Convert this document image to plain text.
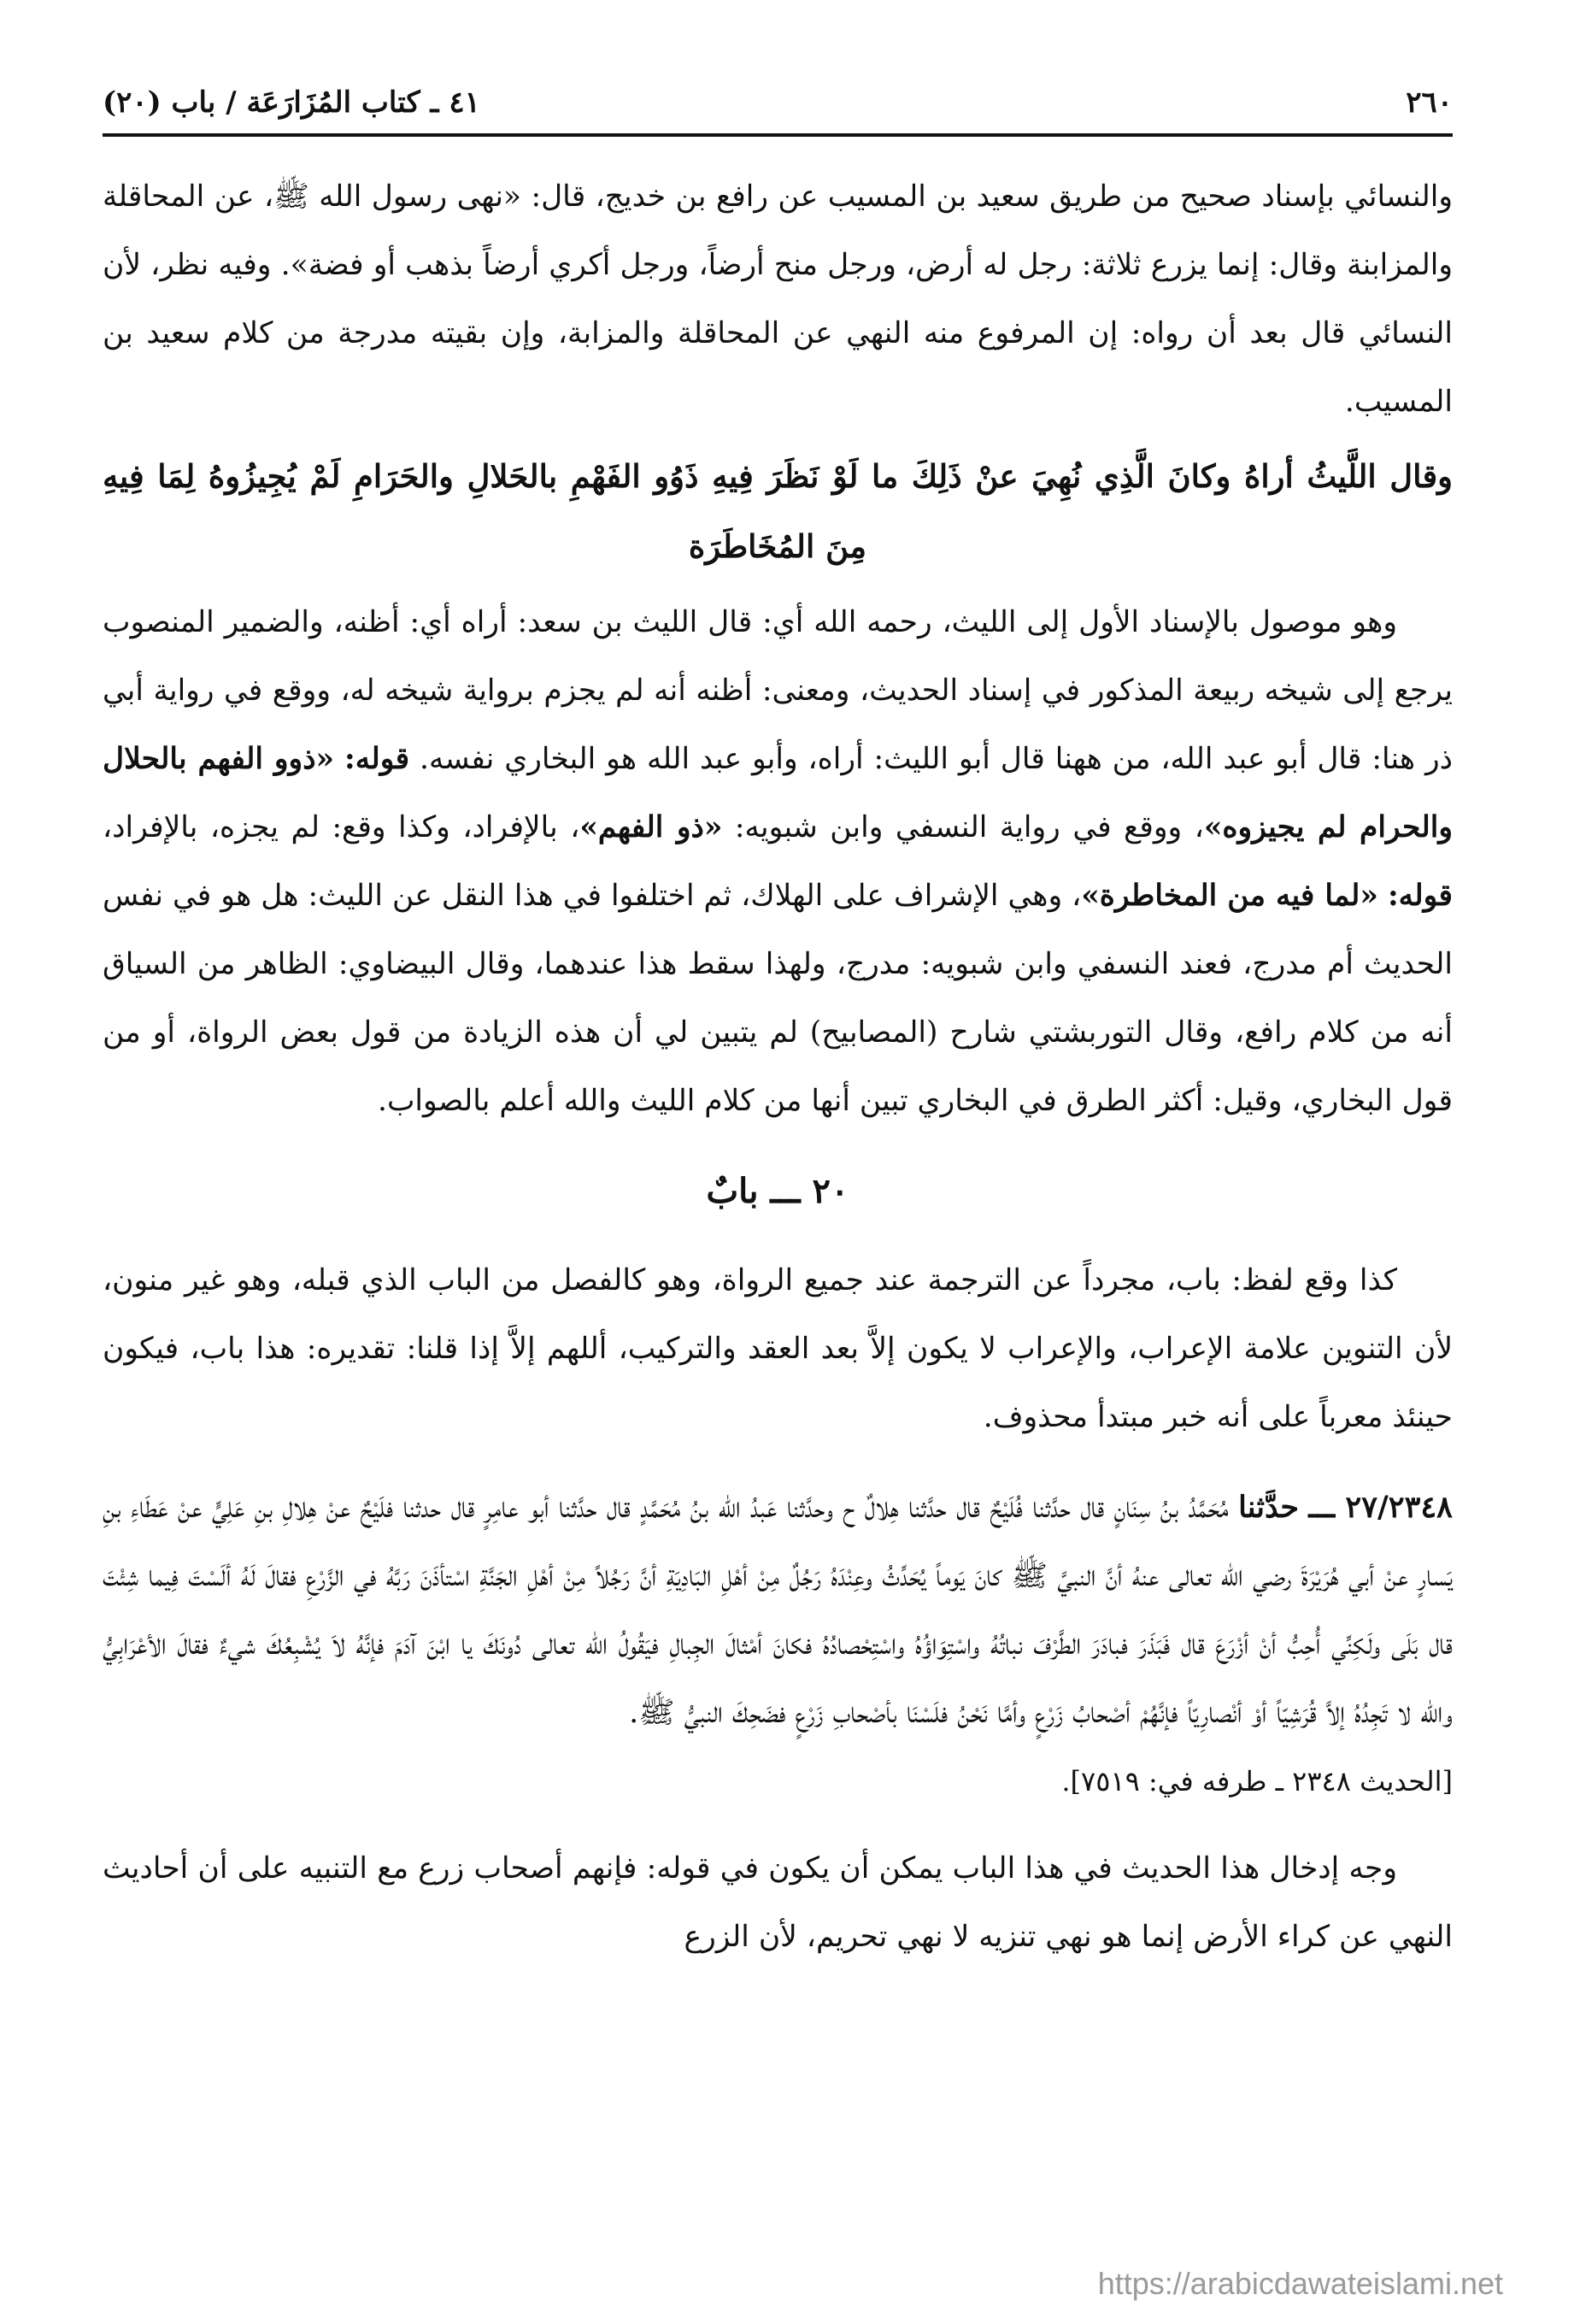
٢٦٠
٤١ ـ كتاب المُزَارَعَة / باب (٢٠)

والنسائي بإسناد صحيح من طريق سعيد بن المسيب عن رافع بن خديج، قال: «نهى رسول الله ﷺ، عن المحاقلة والمزابنة وقال: إنما يزرع ثلاثة: رجل له أرض، ورجل منح أرضاً، ورجل أكري أرضاً بذهب أو فضة». وفيه نظر، لأن النسائي قال بعد أن رواه: إن المرفوع منه النهي عن المحاقلة والمزابة، وإن بقيته مدرجة من كلام سعيد بن المسيب.

وقال اللَّيثُ أراهُ وكانَ الَّذِي نُهِيَ عنْ ذَلِكَ ما لَوْ نَظَرَ فِيهِ ذَوُو الفَهْمِ بالحَلالِ والحَرَامِ لَمْ يُجِيزُوهُ لِمَا فِيهِ مِنَ المُخَاطَرَة

وهو موصول بالإسناد الأول إلى الليث، رحمه الله أي: قال الليث بن سعد: أراه أي: أظنه، والضمير المنصوب يرجع إلى شيخه ربيعة المذكور في إسناد الحديث، ومعنى: أظنه أنه لم يجزم برواية شيخه له، ووقع في رواية أبي ذر هنا: قال أبو عبد الله، من ههنا قال أبو الليث: أراه، وأبو عبد الله هو البخاري نفسه. قوله: «ذوو الفهم بالحلال والحرام لم يجيزوه»، ووقع في رواية النسفي وابن شبويه: «ذو الفهم»، بالإفراد، وكذا وقع: لم يجزه، بالإفراد، قوله: «لما فيه من المخاطرة»، وهي الإشراف على الهلاك، ثم اختلفوا في هذا النقل عن الليث: هل هو في نفس الحديث أم مدرج، فعند النسفي وابن شبويه: مدرج، ولهذا سقط هذا عندهما، وقال البيضاوي: الظاهر من السياق أنه من كلام رافع، وقال التوربشتي شارح (المصابيح) لم يتبين لي أن هذه الزيادة من قول بعض الرواة، أو من قول البخاري، وقيل: أكثر الطرق في البخاري تبين أنها من كلام الليث والله أعلم بالصواب.

٢٠ ـــ بابٌ

كذا وقع لفظ: باب، مجرداً عن الترجمة عند جميع الرواة، وهو كالفصل من الباب الذي قبله، وهو غير منون، لأن التنوين علامة الإعراب، والإعراب لا يكون إلاَّ بعد العقد والتركيب، أللهم إلاَّ إذا قلنا: تقديره: هذا باب، فيكون حينئذ معرباً على أنه خبر مبتدأ محذوف.

٢٧/٢٣٤٨ ـــ حدَّثنا مُحَمَّدُ بنُ سِنَانٍ قال حدَّثنا فُلَيْحٌ قال حدَّثنا هِلالٌ ح وحدَّثنا عَبدُ الله بنُ مُحَمَّدٍ قال حدَّثنا أبو عامِرٍ قال حدثنا فلَيْحٌ عنْ هِلالِ بنِ عَلِيٍّ عنْ عَطَاءِ بنِ يَسارٍ عنْ أبي هُرَيْرَةَ رضي الله تعالى عنهُ أنَّ النبيَّ ﷺ كانَ يَوماً يُحَدِّثُ وعِنْدَهُ رَجُلٌ مِنْ أهْلِ البَادِيَةِ أنَّ رَجُلاً مِنْ أهْلِ الجَنَّةِ اسْتأذَنَ رَبَّهُ في الزَّرْعِ فقالَ لَهُ ألَسْتَ فِيما شِئْتَ قال بَلَى ولَكِنِّي أُحِبُّ أنْ أزْرَعَ قال فَبَذَرَ فبادَرَ الطَّرْفَ نباتُهُ واسْتِوَاؤُهُ واسْتِحْصادُهُ فكانَ أمْثالَ الجِبالِ فيَقُولُ الله تعالى دُونَكَ يا ابْنَ آدَمَ فإنَّهُ لاَ يُشْبِعُكَ شيءٌ فقالَ الأعْرَابِيُّ والله لا تَجِدُهُ إلاَّ قُرَشِيّاً أوْ أنْصارِيّاً فإنَّهُمْ أصْحابُ زَرْعٍ وأمَّا نَحْنُ فلَسْنَا بأصْحابِ زَرْعٍ فضَحِكَ النبيُّ ﷺ.

[الحديث ٢٣٤٨ ـ طرفه في: ٧٥١٩].

وجه إدخال هذا الحديث في هذا الباب يمكن أن يكون في قوله: فإنهم أصحاب زرع مع التنبيه على أن أحاديث النهي عن كراء الأرض إنما هو نهي تنزيه لا نهي تحريم، لأن الزرع

https://arabicdawateislami.net
